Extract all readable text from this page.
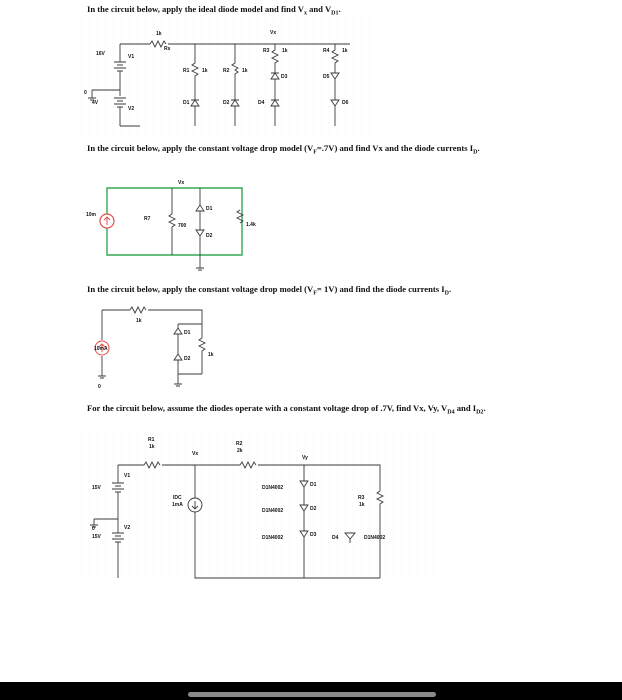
In the circuit below, apply the ideal diode model and find $V_x$ and $V_{D1}$.
16V	V1
4V
V2
0
1k
Rs
R1	1k	R2	1k
R3	1k	R4	1k
Vx
D1	D2	D4
D3	D5
D6
In the circuit below, apply the constant voltage drop model $(V_F=.7V)$ and find Vx and the diode currents $I_D$.
10m
R7
700
Vx
D1
D2
1.4k
In the circuit below, apply the constant voltage drop model $(V_F= 1V)$ and find the diode currents $I_D$.
10mA
1k
1k
D1
D2
0
For the circuit below, assume the diodes operate with a constant voltage drop of .7V, find Vx, Vy, $V_{D4}$ and $I_{D2}$.
R1
1k	R2
2k
Vx
Vy
V1
15V
V2
15V
0
IDC
1mA
D1
D1N4002
D2
D1N4002
D3
D1N4002
R3
1k
D4	D1N4002
